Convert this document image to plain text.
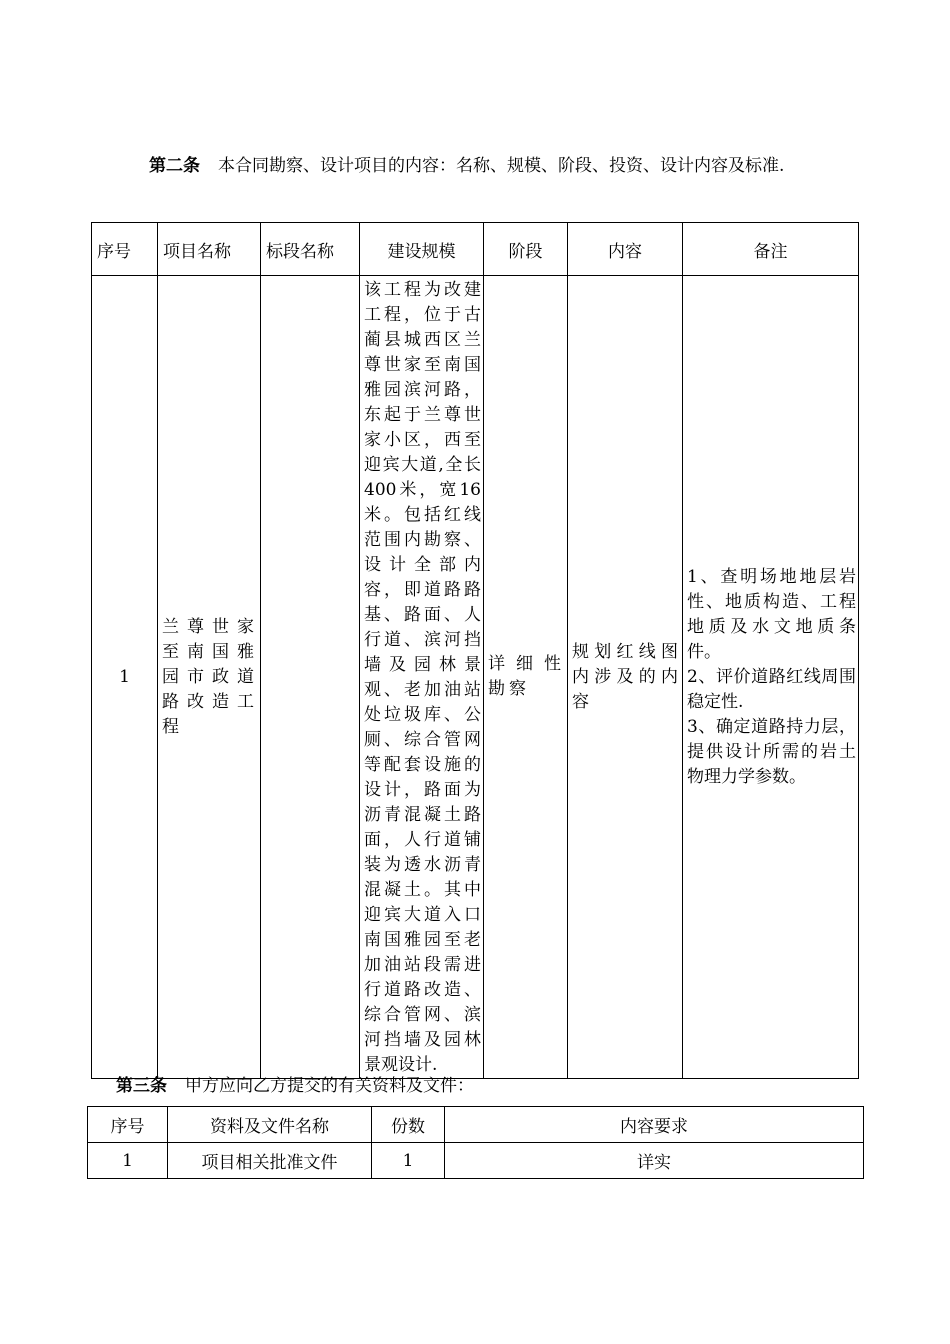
第二条 本合同勘察、设计项目的内容：名称、规模、阶段、投资、设计内容及标准.
序号	项目名称	标段名称	建设规模	阶段	内容	备注
1	兰尊世家至南国雅园市政道路改造工程		该工程为改建工程，位于古蔺县城西区兰尊世家至南国雅园滨河路，东起于兰尊世家小区，西至迎宾大道,全长400米，宽16米。包括红线范围内勘察、设计全部内容，即道路路基、路面、人行道、滨河挡墙及园林景观、老加油站处垃圾库、公厕、综合管网等配套设施的设计，路面为沥青混凝土路面，人行道铺装为透水沥青混凝土。其中迎宾大道入口南国雅园至老加油站段需进行道路改造、综合管网、滨河挡墙及园林景观设计.	详细性勘察	规划红线图内涉及的内容	1、查明场地地层岩性、地质构造、工程地质及水文地质条件。
2、评价道路红线周围稳定性.
3、确定道路持力层，提供设计所需的岩土物理力学参数。
第三条 甲方应向乙方提交的有关资料及文件：
序号	资料及文件名称	份数	内容要求
1	项目相关批准文件	1	详实
